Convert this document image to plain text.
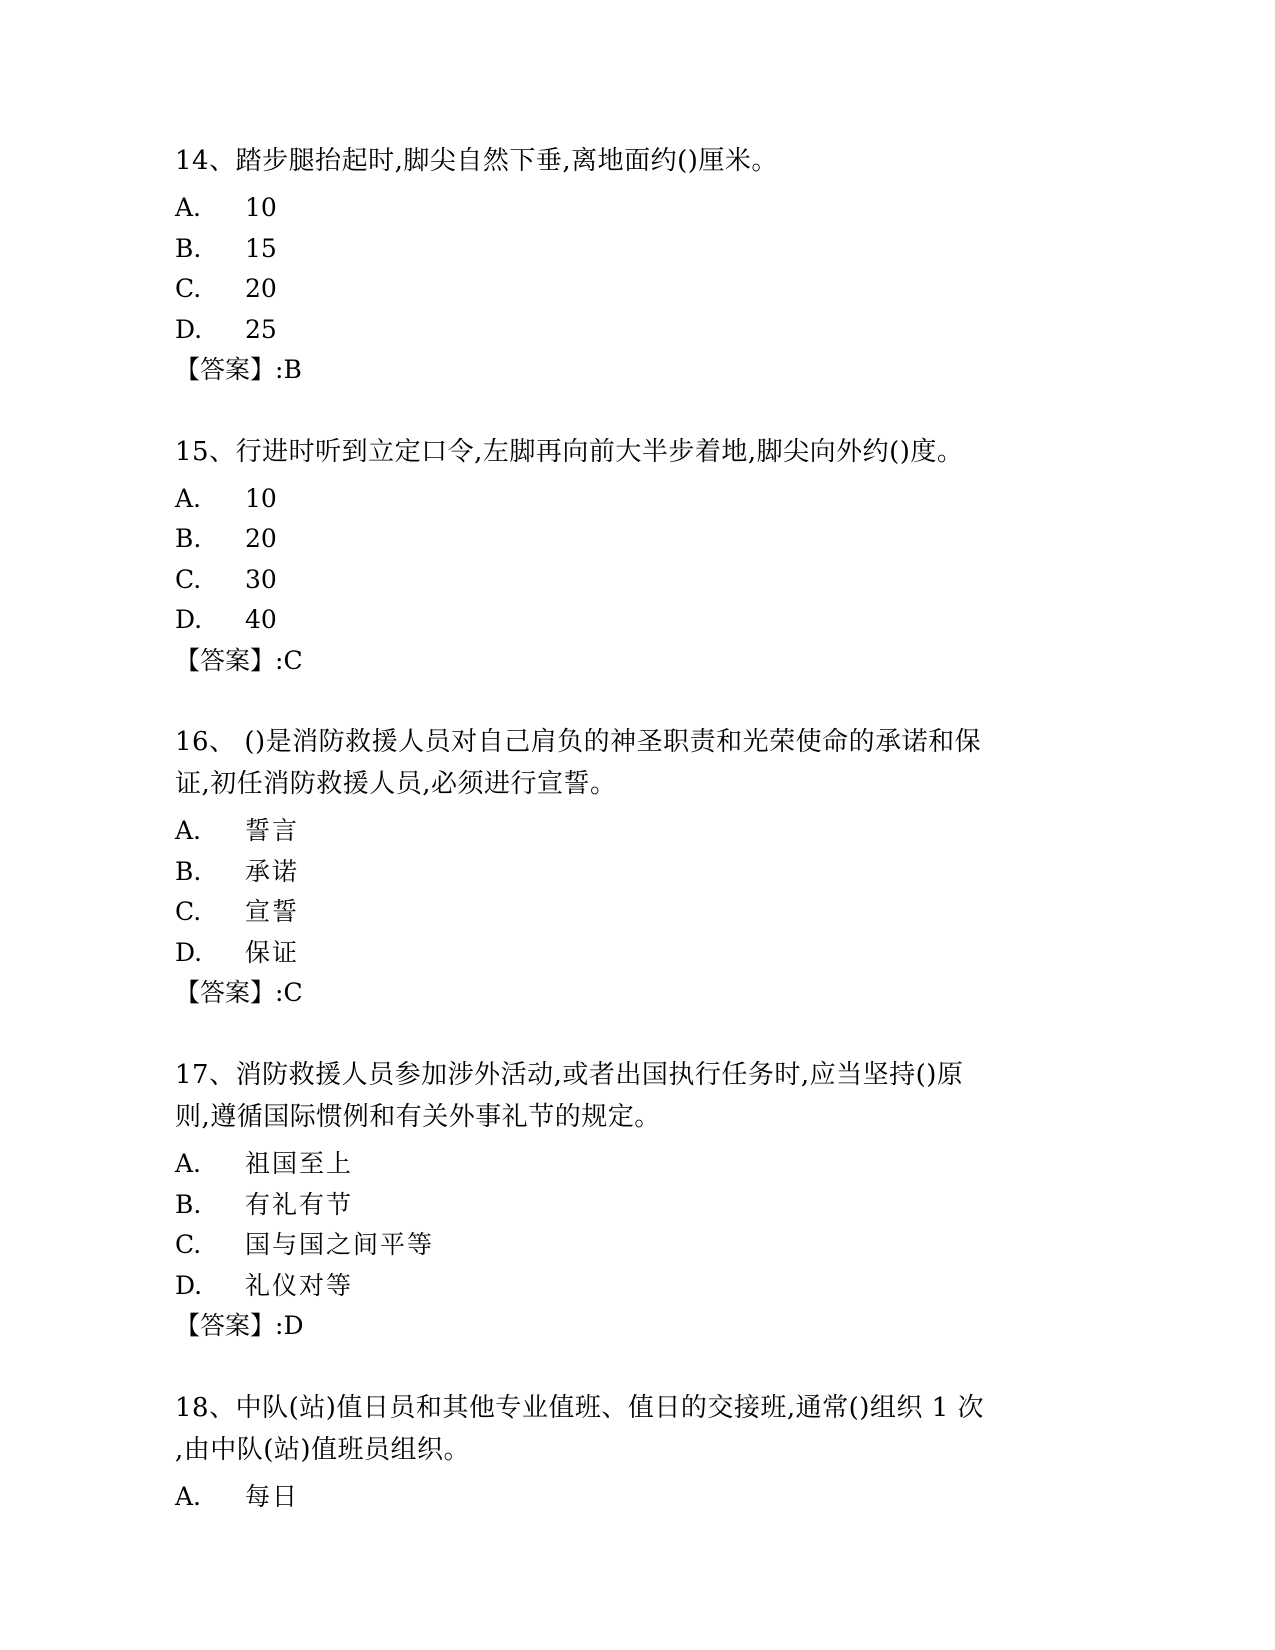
14、踏步腿抬起时,脚尖自然下垂,离地面约()厘米。

A.	10
B.	15
C.	20
D. 25

【答案】:B

15、行进时听到立定口令,左脚再向前大半步着地,脚尖向外约()度。

A.	10
B.	20
C.	30
D. 40

【答案】:C

16、 ()是消防救援人员对自己肩负的神圣职责和光荣使命的承诺和保
证,初任消防救援人员,必须进行宣誓。

A.	誓言
B.	承诺
C.	宣誓
D. 保证

【答案】:C

17、消防救援人员参加涉外活动,或者出国执行任务时,应当坚持()原
则,遵循国际惯例和有关外事礼节的规定。

A.	祖国至上
B.	有礼有节
C.	国与国之间平等
D. 礼仪对等

【答案】:D

18、中队(站)值日员和其他专业值班、值日的交接班,通常()组织 1 次
,由中队(站)值班员组织。

A.	每日
